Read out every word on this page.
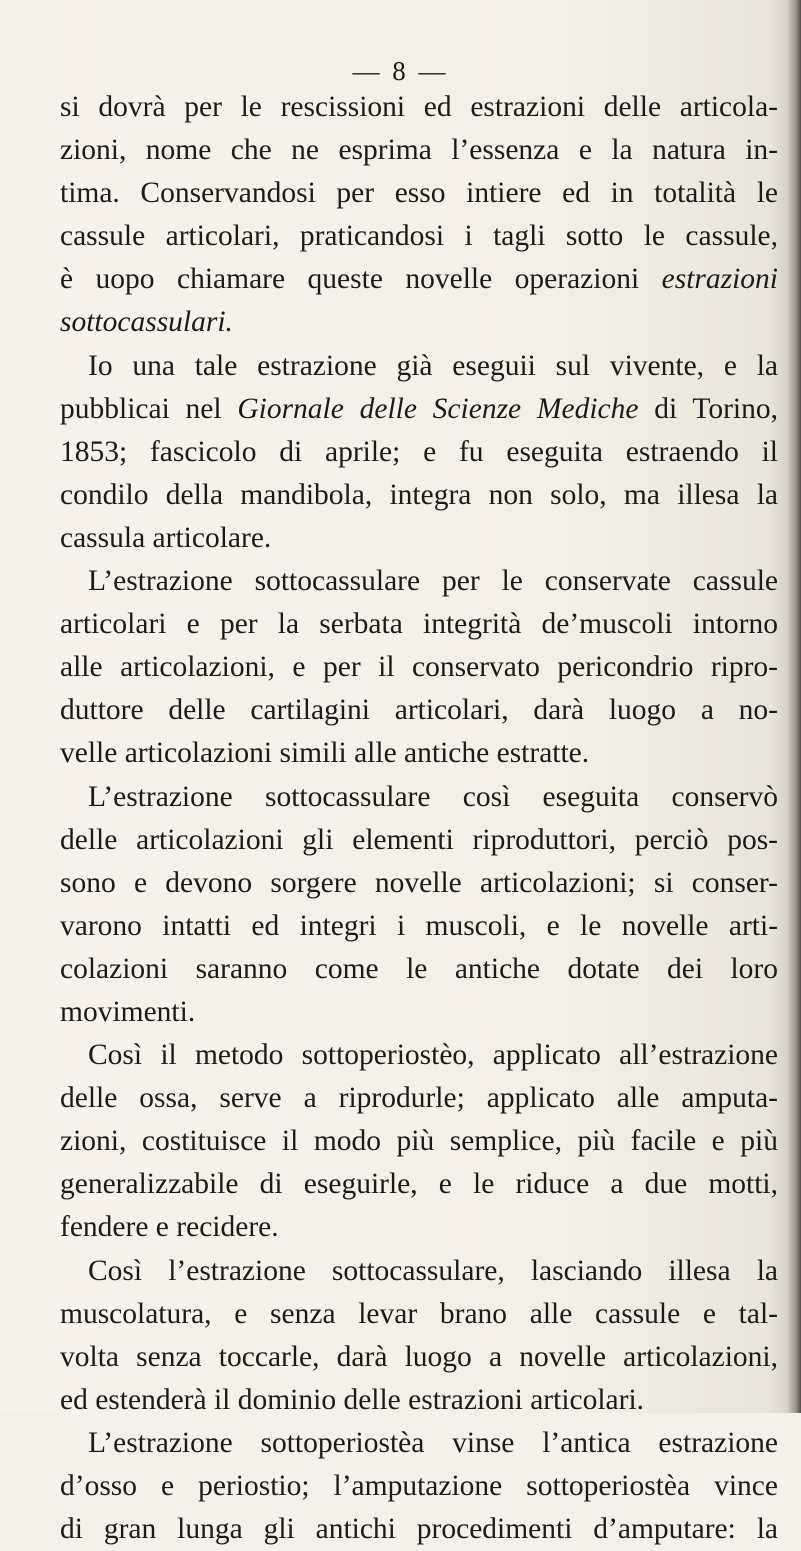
— 8 —
si dovrà per le rescissioni ed estrazioni delle articola-
zioni, nome che ne esprima l’essenza e la natura in-
tima. Conservandosi per esso intiere ed in totalità le
cassule articolari, praticandosi i tagli sotto le cassule,
è uopo chiamare queste novelle operazioni estrazioni
sottocassulari.
Io una tale estrazione già eseguii sul vivente, e la
pubblicai nel Giornale delle Scienze Mediche di Torino,
1853; fascicolo di aprile; e fu eseguita estraendo il
condilo della mandibola, integra non solo, ma illesa la
cassula articolare.
L’estrazione sottocassulare per le conservate cassule
articolari e per la serbata integrità de’muscoli intorno
alle articolazioni, e per il conservato pericondrio ripro-
duttore delle cartilagini articolari, darà luogo a no-
velle articolazioni simili alle antiche estratte.
L’estrazione sottocassulare così eseguita conservò
delle articolazioni gli elementi riproduttori, perciò pos-
sono e devono sorgere novelle articolazioni; si conser-
varono intatti ed integri i muscoli, e le novelle arti-
colazioni saranno come le antiche dotate dei loro
movimenti.
Così il metodo sottoperiostèo, applicato all’estrazione
delle ossa, serve a riprodurle; applicato alle amputa-
zioni, costituisce il modo più semplice, più facile e più
generalizzabile di eseguirle, e le riduce a due motti,
fendere e recidere.
Così l’estrazione sottocassulare, lasciando illesa la
muscolatura, e senza levar brano alle cassule e tal-
volta senza toccarle, darà luogo a novelle articolazioni,
ed estenderà il dominio delle estrazioni articolari.
L’estrazione sottoperiostèa vinse l’antica estrazione
d’osso e periostio; l’amputazione sottoperiostèa vince
di gran lunga gli antichi procedimenti d’amputare: la
